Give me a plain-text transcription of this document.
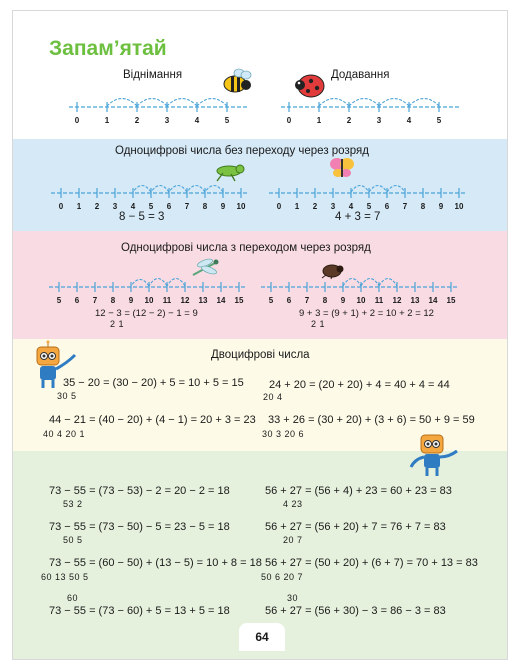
Запам’ятай
Віднімання	Додавання
0	1	2	3	4	5	0	1	2	3	4	5
Одноцифрові числа без переходу через розряд
0 1 2 3 4 5 6 7 8 9 10	0 1 2 3 4 5 6 7 8 9 10
8 − 5 = 3	4 + 3 = 7
Одноцифрові числа з переходом через розряд
5 6 7 8 9 10 11 12 13 14 15	5 6 7 8 9 10 11 12 13 14 15
12 − 3 = (12 − 2) − 1 = 9
2 1
9 + 3 = (9 + 1) + 2 = 10 + 2 = 12
2 1
Двоцифрові числа
35 − 20 = (30 − 20) + 5 = 10 + 5 = 15
30 5
24 + 20 = (20 + 20) + 4 = 40 + 4 = 44
20 4
44 − 21 = (40 − 20) + (4 − 1) = 20 + 3 = 23
40 4 20 1
33 + 26 = (30 + 20) + (3 + 6) = 50 + 9 = 59
30 3 20 6
73 − 55 = (73 − 53) − 2 = 20 − 2 = 18
53 2
56 + 27 = (56 + 4) + 23 = 60 + 23 = 83
4 23
73 − 55 = (73 − 50) − 5 = 23 − 5 = 18
50 5
56 + 27 = (56 + 20) + 7 = 76 + 7 = 83
20 7
73 − 55 = (60 − 50) + (13 − 5) = 10 + 8 = 18
60 13 50 5
56 + 27 = (50 + 20) + (6 + 7) = 70 + 13 = 83
50 6 20 7
60
73 − 55 = (73 − 60) + 5 = 13 + 5 = 18
30
56 + 27 = (56 + 30) − 3 = 86 − 3 = 83
64
